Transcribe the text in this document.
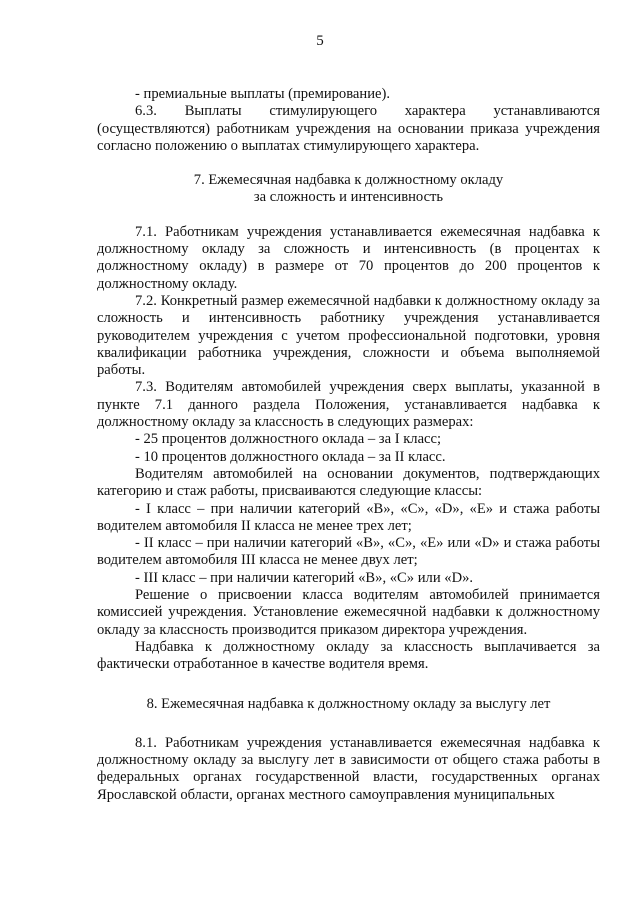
5

- премиальные выплаты (премирование).

6.3. Выплаты стимулирующего характера устанавливаются (осуществляются) работникам учреждения на основании приказа учреждения согласно положению о выплатах стимулирующего характера.

7. Ежемесячная надбавка к должностному окладу

за сложность и интенсивность

7.1. Работникам учреждения устанавливается ежемесячная надбавка к должностному окладу за сложность и интенсивность (в процентах к должностному окладу) в размере от 70 процентов до 200 процентов к должностному окладу.

7.2. Конкретный размер ежемесячной надбавки к должностному окладу за сложность и интенсивность работнику учреждения устанавливается руководителем учреждения с учетом профессиональной подготовки, уровня квалификации работника учреждения, сложности и объема выполняемой работы.

7.3. Водителям автомобилей учреждения сверх выплаты, указанной в пункте 7.1 данного раздела Положения, устанавливается надбавка к должностному окладу за классность в следующих размерах:

- 25 процентов должностного оклада – за I класс;

- 10 процентов должностного оклада – за II класс.

Водителям автомобилей на основании документов, подтверждающих категорию и стаж работы, присваиваются следующие классы:

- I класс – при наличии категорий «В», «С», «D», «Е» и стажа работы водителем автомобиля II класса не менее трех лет;

- II класс – при наличии категорий «В», «С», «Е» или «D» и стажа работы водителем автомобиля III класса не менее двух лет;

- III класс – при наличии категорий «В», «С» или «D».

Решение о присвоении класса водителям автомобилей принимается комиссией учреждения. Установление ежемесячной надбавки к должностному окладу за классность производится приказом директора учреждения.

Надбавка к должностному окладу за классность выплачивается за фактически отработанное в качестве водителя время.

8. Ежемесячная надбавка к должностному окладу за выслугу лет

8.1. Работникам учреждения устанавливается ежемесячная надбавка к должностному окладу за выслугу лет в зависимости от общего стажа работы в федеральных органах государственной власти, государственных органах Ярославской области, органах местного самоуправления муниципальных
